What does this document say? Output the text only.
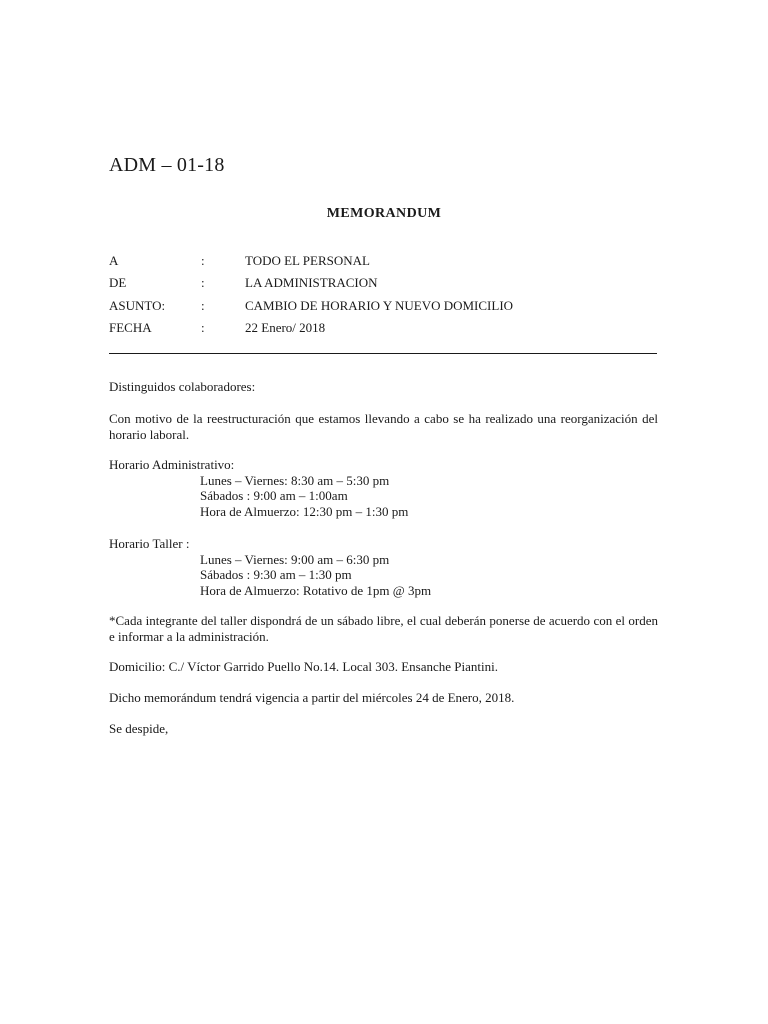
ADM – 01-18
MEMORANDUM
A	:	TODO EL PERSONAL
DE	:	LA ADMINISTRACION
ASUNTO:	:	CAMBIO DE HORARIO Y NUEVO DOMICILIO
FECHA	:	22 Enero/ 2018
Distinguidos colaboradores:
Con motivo de la reestructuración que estamos llevando a cabo se ha realizado una reorganización del horario laboral.
Horario Administrativo:
Lunes – Viernes: 8:30 am – 5:30 pm
Sábados : 9:00 am – 1:00am
Hora de Almuerzo: 12:30 pm – 1:30 pm
Horario Taller :
Lunes – Viernes: 9:00 am – 6:30 pm
Sábados : 9:30 am – 1:30 pm
Hora de Almuerzo: Rotativo de 1pm @ 3pm
*Cada integrante del taller dispondrá de un sábado libre, el cual deberán ponerse de acuerdo con el orden e informar a la administración.
Domicilio: C./ Víctor Garrido Puello No.14. Local 303. Ensanche Piantini.
Dicho memorándum tendrá vigencia a partir del miércoles 24 de Enero, 2018.
Se despide,
